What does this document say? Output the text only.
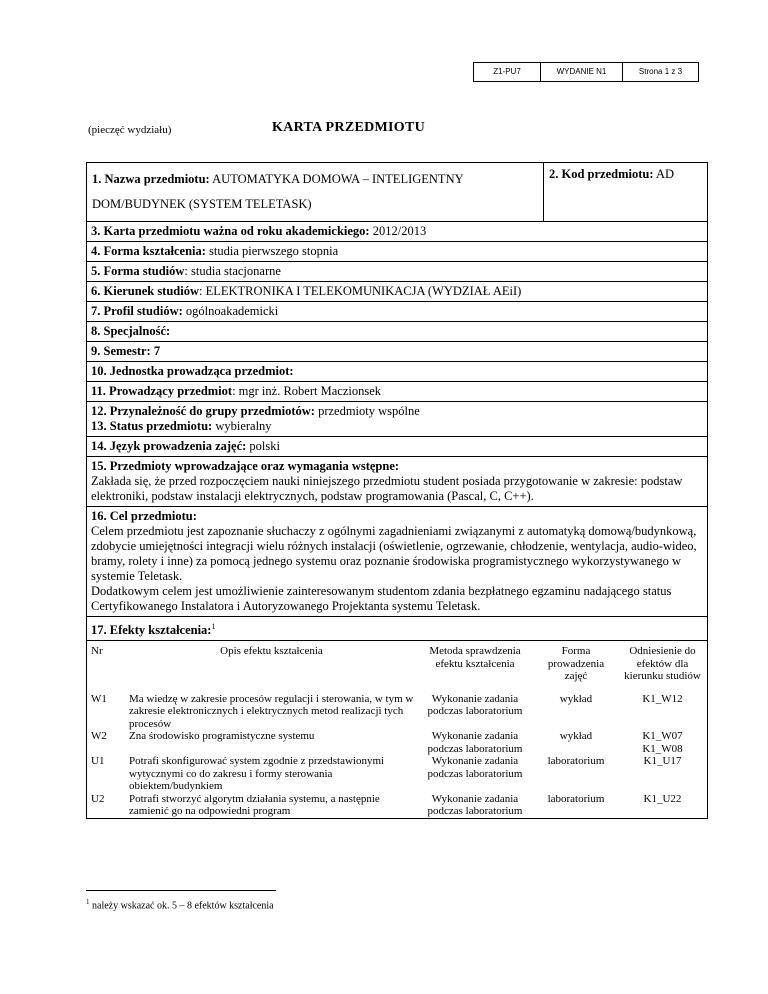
Z1-PU7	WYDANIE N1	Strona 1 z 3
(pieczęć wydziału)	KARTA PRZEDMIOTU
1. Nazwa przedmiotu: AUTOMATYKA DOMOWA – INTELIGENTNY DOM/BUDYNEK (SYSTEM TELETASK)
2. Kod przedmiotu: AD
3. Karta przedmiotu ważna od roku akademickiego: 2012/2013
4. Forma kształcenia: studia pierwszego stopnia
5. Forma studiów: studia stacjonarne
6. Kierunek studiów: ELEKTRONIKA I TELEKOMUNIKACJA (WYDZIAŁ AEiI)
7. Profil studiów: ogólnoakademicki
8. Specjalność:
9. Semestr: 7
10. Jednostka prowadząca przedmiot:
11. Prowadzący przedmiot: mgr inż. Robert Maczionsek
12. Przynależność do grupy przedmiotów: przedmioty wspólne
13. Status przedmiotu: wybieralny
14. Język prowadzenia zajęć: polski
15. Przedmioty wprowadzające oraz wymagania wstępne:
Zakłada się, że przed rozpoczęciem nauki niniejszego przedmiotu student posiada przygotowanie w zakresie: podstaw elektroniki, podstaw instalacji elektrycznych, podstaw programowania (Pascal, C, C++).
16. Cel przedmiotu:
Celem przedmiotu jest zapoznanie słuchaczy z ogólnymi zagadnieniami związanymi z automatyką domową/budynkową, zdobycie umiejętności integracji wielu różnych instalacji (oświetlenie, ogrzewanie, chłodzenie, wentylacja, audio-wideo, bramy, rolety i inne) za pomocą jednego systemu oraz poznanie środowiska programistycznego wykorzystywanego w systemie Teletask.
Dodatkowym celem jest umożliwienie zainteresowanym studentom zdania bezpłatnego egzaminu nadającego status Certyfikowanego Instalatora i Autoryzowanego Projektanta systemu Teletask.
17. Efekty kształcenia:$^1$
Nr	Opis efektu kształcenia	Metoda sprawdzenia efektu kształcenia	Forma prowadzenia zajęć	Odniesienie do efektów dla kierunku studiów
W1	Ma wiedzę w zakresie procesów regulacji i sterowania, w tym w zakresie elektronicznych i elektrycznych metod realizacji tych procesów	Wykonanie zadania podczas laboratorium	wykład	K1_W12
W2	Zna środowisko programistyczne systemu	Wykonanie zadania podczas laboratorium	wykład	K1_W07
K1_W08
U1	Potrafi skonfigurować system zgodnie z przedstawionymi wytycznymi co do zakresu i formy sterowania obiektem/budynkiem	Wykonanie zadania podczas laboratorium	laboratorium	K1_U17
U2	Potrafi stworzyć algorytm działania systemu, a następnie zamienić go na odpowiedni program	Wykonanie zadania podczas laboratorium	laboratorium	K1_U22
$^1$ należy wskazać ok. 5 – 8 efektów kształcenia
